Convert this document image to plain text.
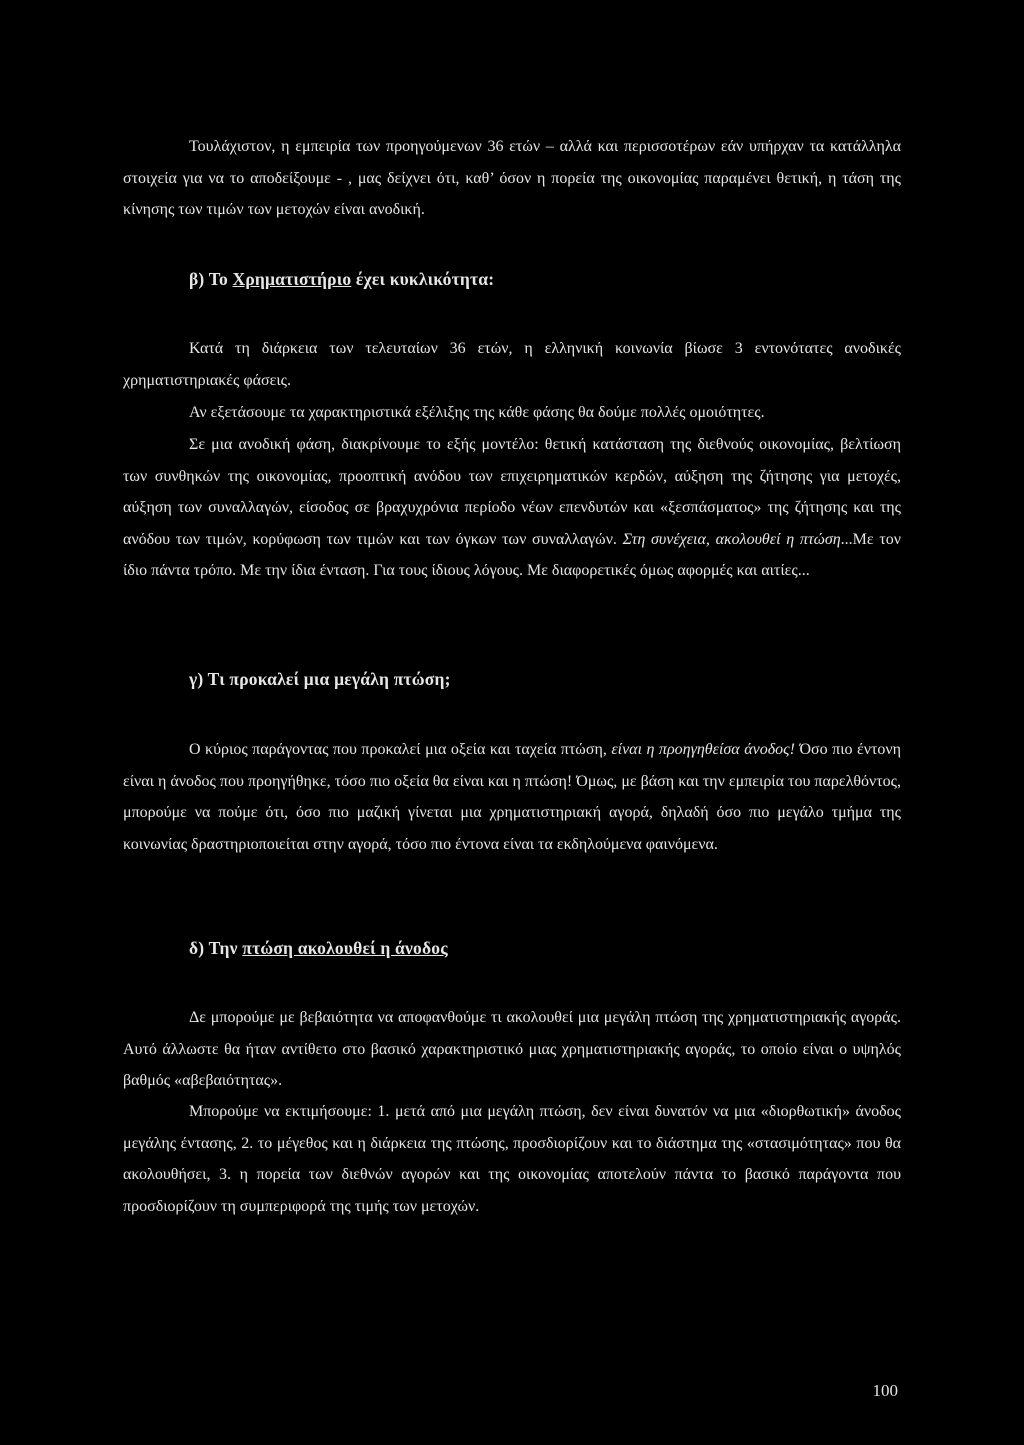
Τουλάχιστον, η εμπειρία των προηγούμενων 36 ετών – αλλά και περισσοτέρων εάν υπήρχαν τα κατάλληλα στοιχεία για να το αποδείξουμε - , μας δείχνει ότι, καθ’ όσον η πορεία της οικονομίας παραμένει θετική, η τάση της κίνησης των τιμών των μετοχών είναι ανοδική.

β) Το Χρηματιστήριο έχει κυκλικότητα:

Κατά τη διάρκεια των τελευταίων 36 ετών, η ελληνική κοινωνία βίωσε 3 εντονότατες ανοδικές χρηματιστηριακές φάσεις.

Αν εξετάσουμε τα χαρακτηριστικά εξέλιξης της κάθε φάσης θα δούμε πολλές ομοιότητες.

Σε μια ανοδική φάση, διακρίνουμε το εξής μοντέλο: θετική κατάσταση της διεθνούς οικονομίας, βελτίωση των συνθηκών της οικονομίας, προοπτική ανόδου των επιχειρηματικών κερδών, αύξηση της ζήτησης για μετοχές, αύξηση των συναλλαγών, είσοδος σε βραχυχρόνια περίοδο νέων επενδυτών και «ξεσπάσματος» της ζήτησης και της ανόδου των τιμών, κορύφωση των τιμών και των όγκων των συναλλαγών. Στη συνέχεια, ακολουθεί η πτώση...Με τον ίδιο πάντα τρόπο. Με την ίδια ένταση. Για τους ίδιους λόγους. Με διαφορετικές όμως αφορμές και αιτίες...

γ) Τι προκαλεί μια μεγάλη πτώση;

Ο κύριος παράγοντας που προκαλεί μια οξεία και ταχεία πτώση, είναι η προηγηθείσα άνοδος! Όσο πιο έντονη είναι η άνοδος που προηγήθηκε, τόσο πιο οξεία θα είναι και η πτώση! Όμως, με βάση και την εμπειρία του παρελθόντος, μπορούμε να πούμε ότι, όσο πιο μαζική γίνεται μια χρηματιστηριακή αγορά, δηλαδή όσο πιο μεγάλο τμήμα της κοινωνίας δραστηριοποιείται στην αγορά, τόσο πιο έντονα είναι τα εκδηλούμενα φαινόμενα.

δ) Την πτώση ακολουθεί η άνοδος

Δε μπορούμε με βεβαιότητα να αποφανθούμε τι ακολουθεί μια μεγάλη πτώση της χρηματιστηριακής αγοράς. Αυτό άλλωστε θα ήταν αντίθετο στο βασικό χαρακτηριστικό μιας χρηματιστηριακής αγοράς, το οποίο είναι ο υψηλός βαθμός «αβεβαιότητας».

Μπορούμε να εκτιμήσουμε: 1. μετά από μια μεγάλη πτώση, δεν είναι δυνατόν να μια «διορθωτική» άνοδος μεγάλης έντασης, 2. το μέγεθος και η διάρκεια της πτώσης, προσδιορίζουν και το διάστημα της «στασιμότητας» που θα ακολουθήσει, 3. η πορεία των διεθνών αγορών και της οικονομίας αποτελούν πάντα το βασικό παράγοντα που προσδιορίζουν τη συμπεριφορά της τιμής των μετοχών.

100
